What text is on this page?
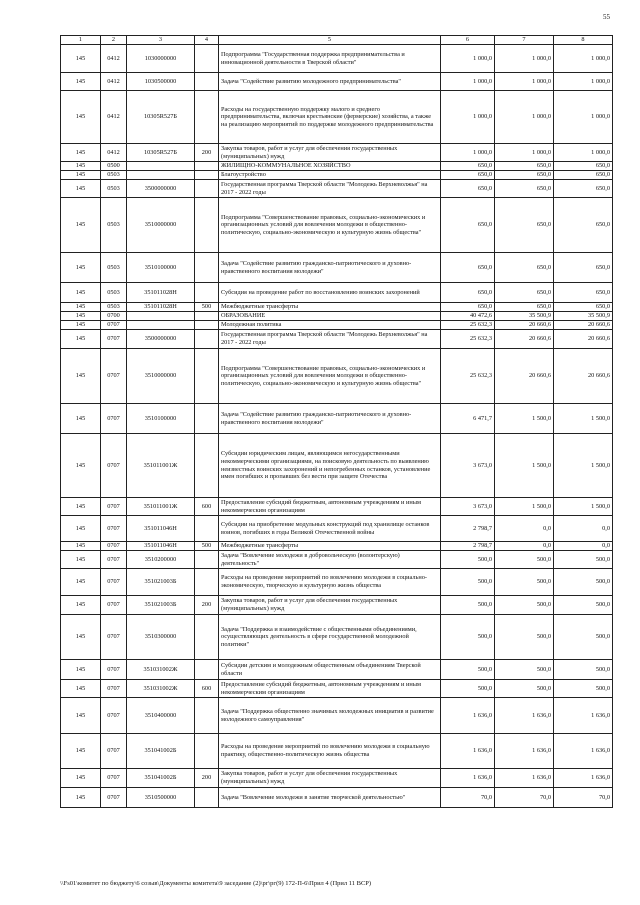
55
1	2	3	4	5	6	7	8
145	0412	1030000000		Подпрограмма "Государственная поддержка предпринимательства и инновационной деятельности в Тверской области"	1 000,0	1 000,0	1 000,0
145	0412	1030500000		Задача "Содействие развитию молодежного предпринимательства"	1 000,0	1 000,0	1 000,0
145	0412	10305R527Б		Расходы на государственную поддержку малого и среднего предпринимательства, включая крестьянские (фермерские) хозяйства, а также на реализацию мероприятий по поддержке молодежного предпринимательства	1 000,0	1 000,0	1 000,0
145	0412	10305R527Б	200	Закупка товаров, работ и услуг для обеспечения государственных (муниципальных) нужд	1 000,0	1 000,0	1 000,0
145	0500			ЖИЛИЩНО-КОММУНАЛЬНОЕ ХОЗЯЙСТВО	650,0	650,0	650,0
145	0503			Благоустройство	650,0	650,0	650,0
145	0503	3500000000		Государственная программа Тверской области "Молодежь Верхневолжья" на 2017 - 2022 годы	650,0	650,0	650,0
145	0503	3510000000		Подпрограмма "Совершенствование правовых, социально-экономических и организационных условий для вовлечения молодежи в общественно-политическую, социально-экономическую и культурную жизнь общества"	650,0	650,0	650,0
145	0503	3510100000		Задача "Содействие развитию гражданско-патриотического и духовно- нравственного воспитания молодежи"	650,0	650,0	650,0
145	0503	351011028Н		Субсидия на проведение работ по восстановлению воинских захоронений	650,0	650,0	650,0
145	0503	351011028Н	500	Межбюджетные трансферты	650,0	650,0	650,0
145	0700			ОБРАЗОВАНИЕ	40 472,6	35 500,9	35 500,9
145	0707			Молодежная политика	25 632,3	20 660,6	20 660,6
145	0707	3500000000		Государственная программа Тверской области "Молодежь Верхневолжья" на 2017 - 2022 годы	25 632,3	20 660,6	20 660,6
145	0707	3510000000		Подпрограмма "Совершенствование правовых, социально-экономических и организационных условий для вовлечения молодежи в общественно-политическую, социально-экономическую и культурную жизнь общества"	25 632,3	20 660,6	20 660,6
145	0707	3510100000		Задача "Содействие развитию гражданско-патриотического и духовно-нравственного воспитания молодежи"	6 471,7	1 500,0	1 500,0
145	0707	351011001Ж		Субсидии юридическим лицам, являющимся негосударственными некоммерческими организациями, на поисковую деятельность по выявлению неизвестных воинских захоронений и непогребенных останков, установление имен погибших и пропавших без вести при защите Отечества	3 673,0	1 500,0	1 500,0
145	0707	351011001Ж	600	Предоставление субсидий бюджетным, автономным учреждениям и иным некоммерческим организациям	3 673,0	1 500,0	1 500,0
145	0707	351011046Н		Субсидии на приобретение модульных конструкций под хранилище останков воинов, погибших в годы Великой Отечественной войны	2 798,7	0,0	0,0
145	0707	351011046Н	500	Межбюджетные трансферты	2 798,7	0,0	0,0
145	0707	3510200000		Задача "Вовлечение молодежи в добровольческую (волонтерскую) деятельность"	500,0	500,0	500,0
145	0707	351021003Б		Расходы на проведение мероприятий по вовлечению молодежи в социально-экономическую, творческую и культурную жизнь общества	500,0	500,0	500,0
145	0707	351021003Б	200	Закупка товаров, работ и услуг для обеспечения государственных (муниципальных) нужд	500,0	500,0	500,0
145	0707	3510300000		Задача "Поддержка и взаимодействие с общественными объединениями, осуществляющих деятельность в сфере государственной молодежной политики"	500,0	500,0	500,0
145	0707	351031002Ж		Субсидии детским и молодежным общественным объединениям Тверской области	500,0	500,0	500,0
145	0707	351031002Ж	600	Предоставление субсидий бюджетным, автономным учреждениям и иным некоммерческим организациям	500,0	500,0	500,0
145	0707	3510400000		Задача "Поддержка общественно значимых молодежных инициатив и развитие молодежного самоуправления"	1 636,0	1 636,0	1 636,0
145	0707	351041002Б		Расходы на проведение мероприятий по вовлечению молодежи в социальную практику, общественно-политическую жизнь общества	1 636,0	1 636,0	1 636,0
145	0707	351041002Б	200	Закупка товаров, работ и услуг для обеспечения государственных (муниципальных) нужд	1 636,0	1 636,0	1 636,0
145	0707	3510500000		Задача "Вовлечение молодежи в занятие творческой деятельностью"	70,0	70,0	70,0
\\Fs01\комитет по бюджету\6 созыв\Документы комитета\9 заседание (2)\рг\рг(9) 172-П-6\Прил 4 (Прил 11 ВСР)
